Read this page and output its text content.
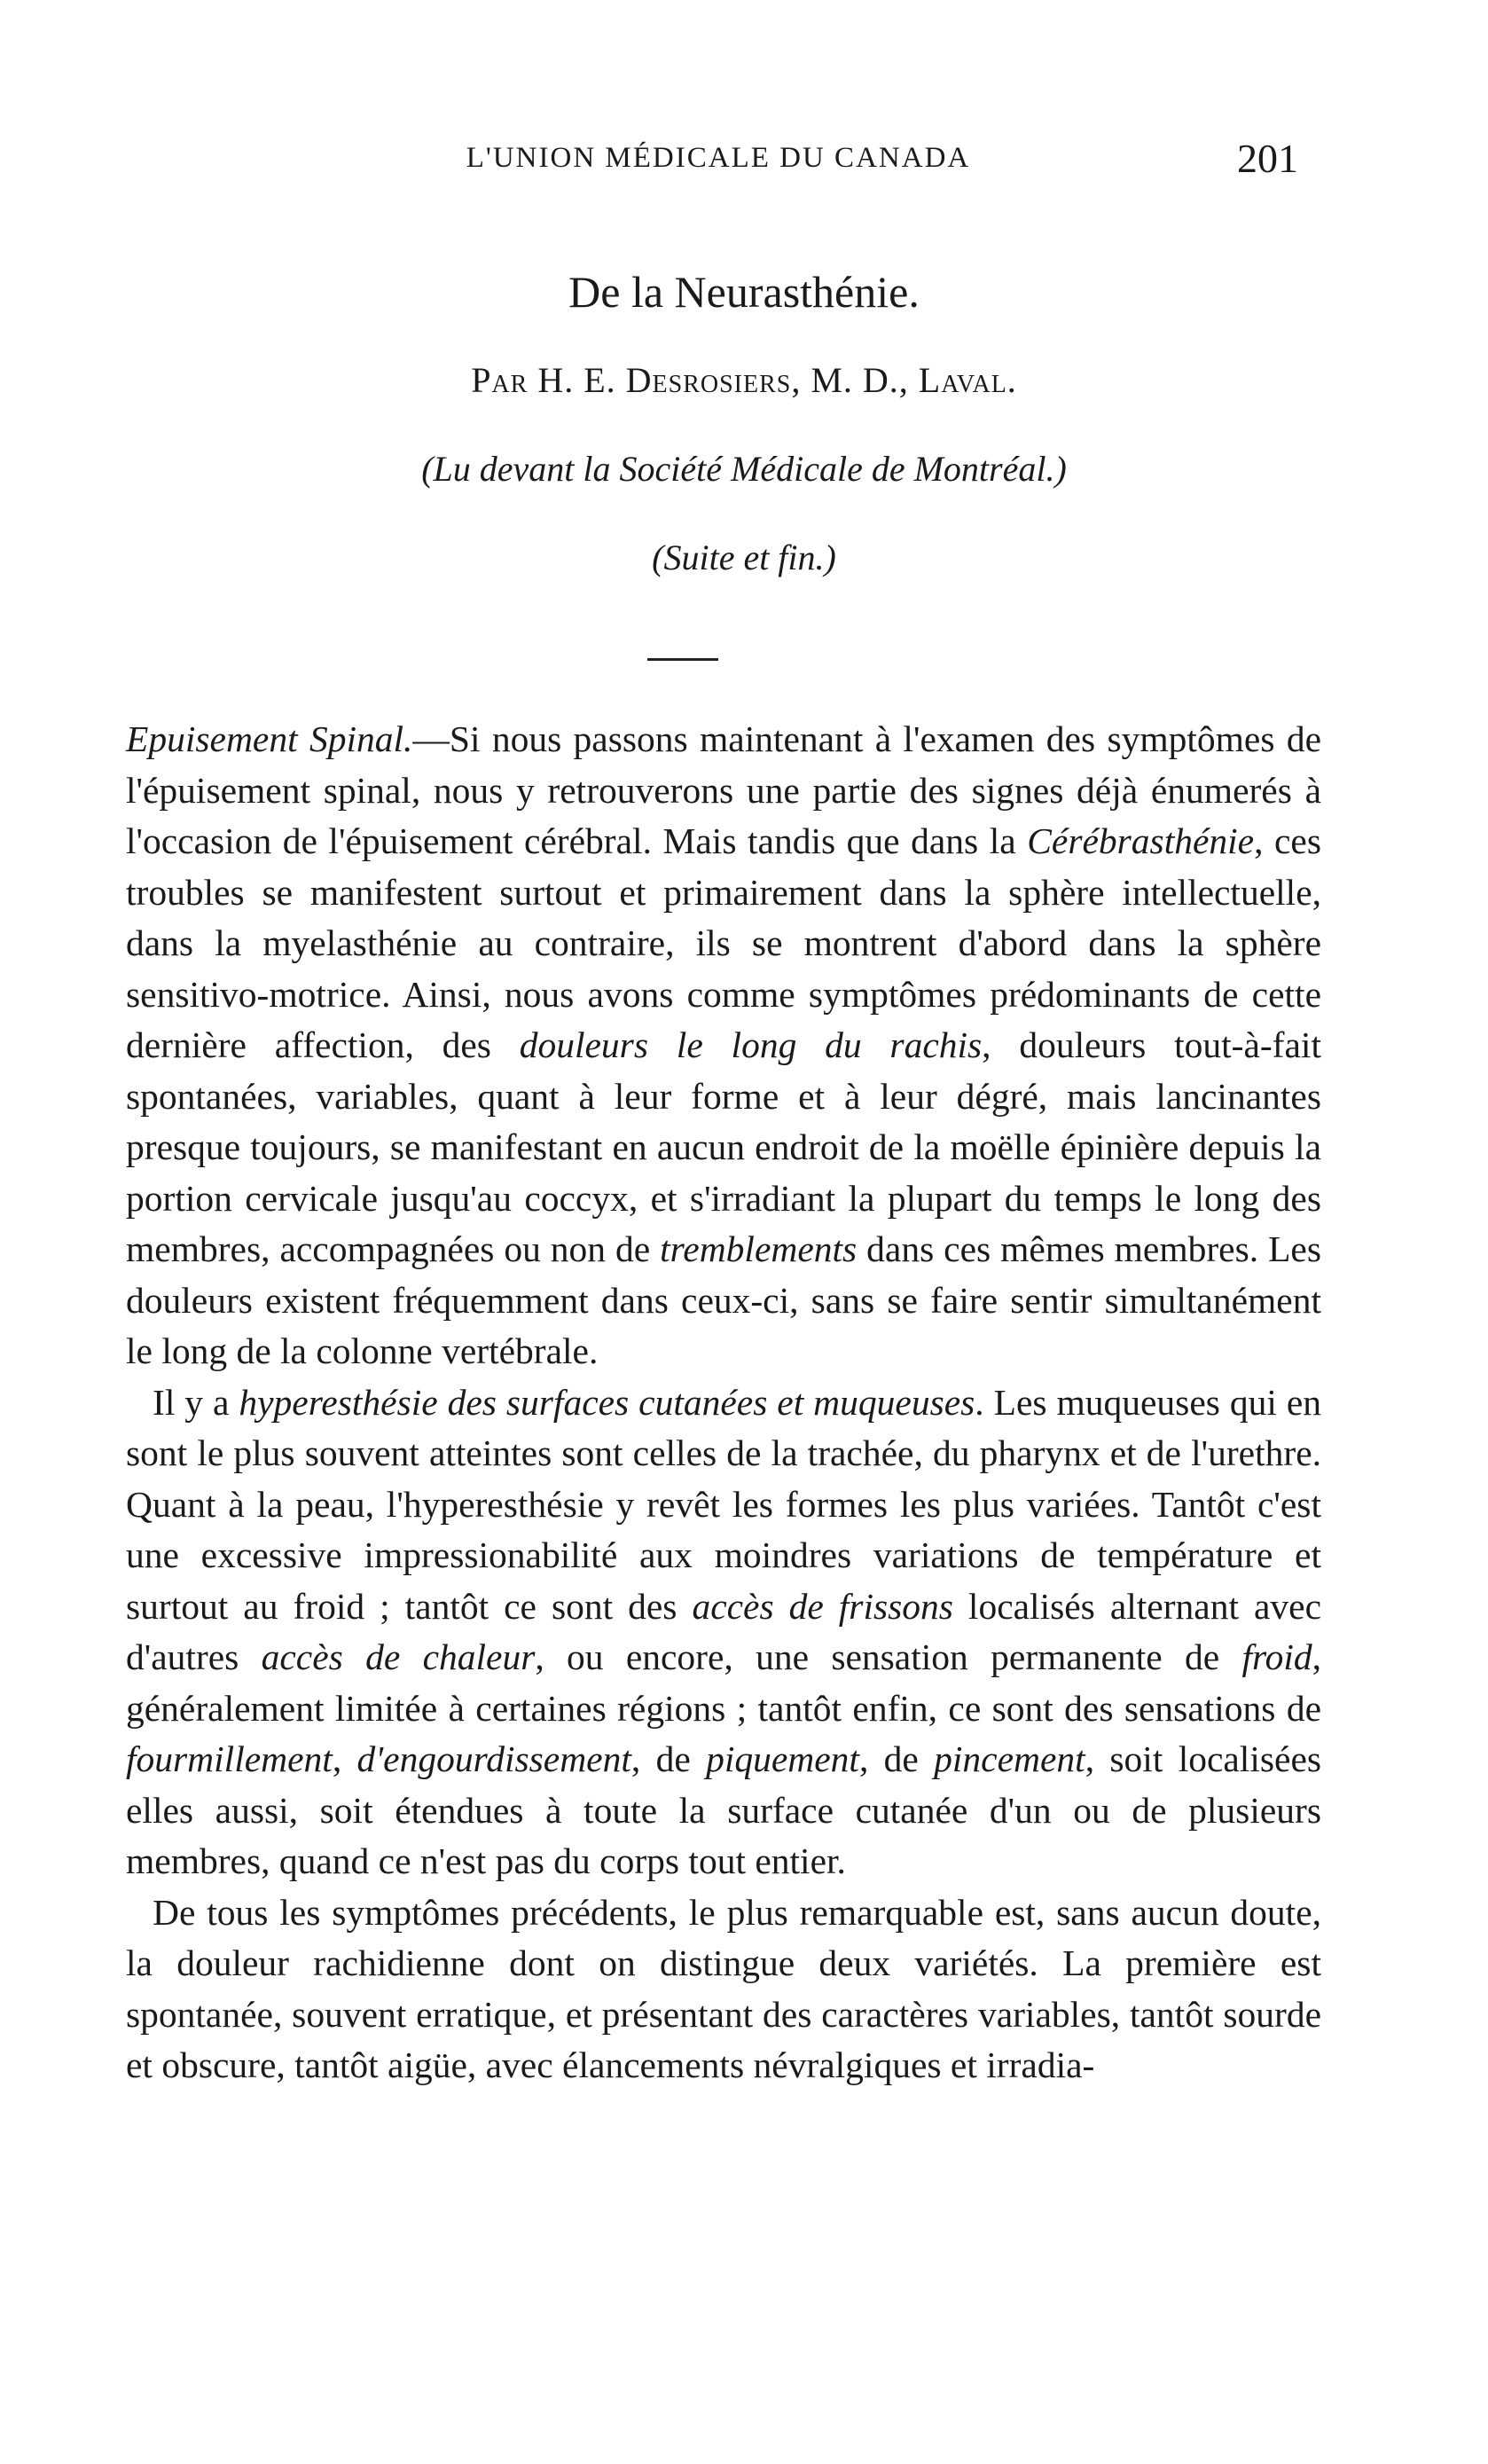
L'UNION MÉDICALE DU CANADA	201
De la Neurasthénie.
Par H. E. Desrosiers, M. D., Laval.
(Lu devant la Société Médicale de Montréal.)
(Suite et fin.)

Epuisement Spinal.—Si nous passons maintenant à l'examen des symptômes de l'épuisement spinal, nous y retrouverons une partie des signes déjà énumerés à l'occasion de l'épuisement cérébral. Mais tandis que dans la Cérébrasthénie, ces troubles se manifestent surtout et primairement dans la sphère intellectuelle, dans la myelasthénie au contraire, ils se montrent d'abord dans la sphère sensitivo-motrice. Ainsi, nous avons comme symptômes prédominants de cette dernière affection, des douleurs le long du rachis, douleurs tout-à-fait spontanées, variables, quant à leur forme et à leur dégré, mais lancinantes presque toujours, se manifestant en aucun endroit de la moëlle épinière depuis la portion cervicale jusqu'au coccyx, et s'irradiant la plupart du temps le long des membres, accompagnées ou non de tremblements dans ces mêmes membres. Les douleurs existent fréquemment dans ceux-ci, sans se faire sentir simultanément le long de la colonne vertébrale.

Il y a hyperesthésie des surfaces cutanées et muqueuses. Les muqueuses qui en sont le plus souvent atteintes sont celles de la trachée, du pharynx et de l'urethre. Quant à la peau, l'hyperesthésie y revêt les formes les plus variées. Tantôt c'est une excessive impressionabilité aux moindres variations de température et surtout au froid ; tantôt ce sont des accès de frissons localisés alternant avec d'autres accès de chaleur, ou encore, une sensation permanente de froid, généralement limitée à certaines régions ; tantôt enfin, ce sont des sensations de fourmillement, d'engourdissement, de piquement, de pincement, soit localisées elles aussi, soit étendues à toute la surface cutanée d'un ou de plusieurs membres, quand ce n'est pas du corps tout entier.

De tous les symptômes précédents, le plus remarquable est, sans aucun doute, la douleur rachidienne dont on distingue deux variétés. La première est spontanée, souvent erratique, et présentant des caractères variables, tantôt sourde et obscure, tantôt aigüe, avec élancements névralgiques et irradia-
